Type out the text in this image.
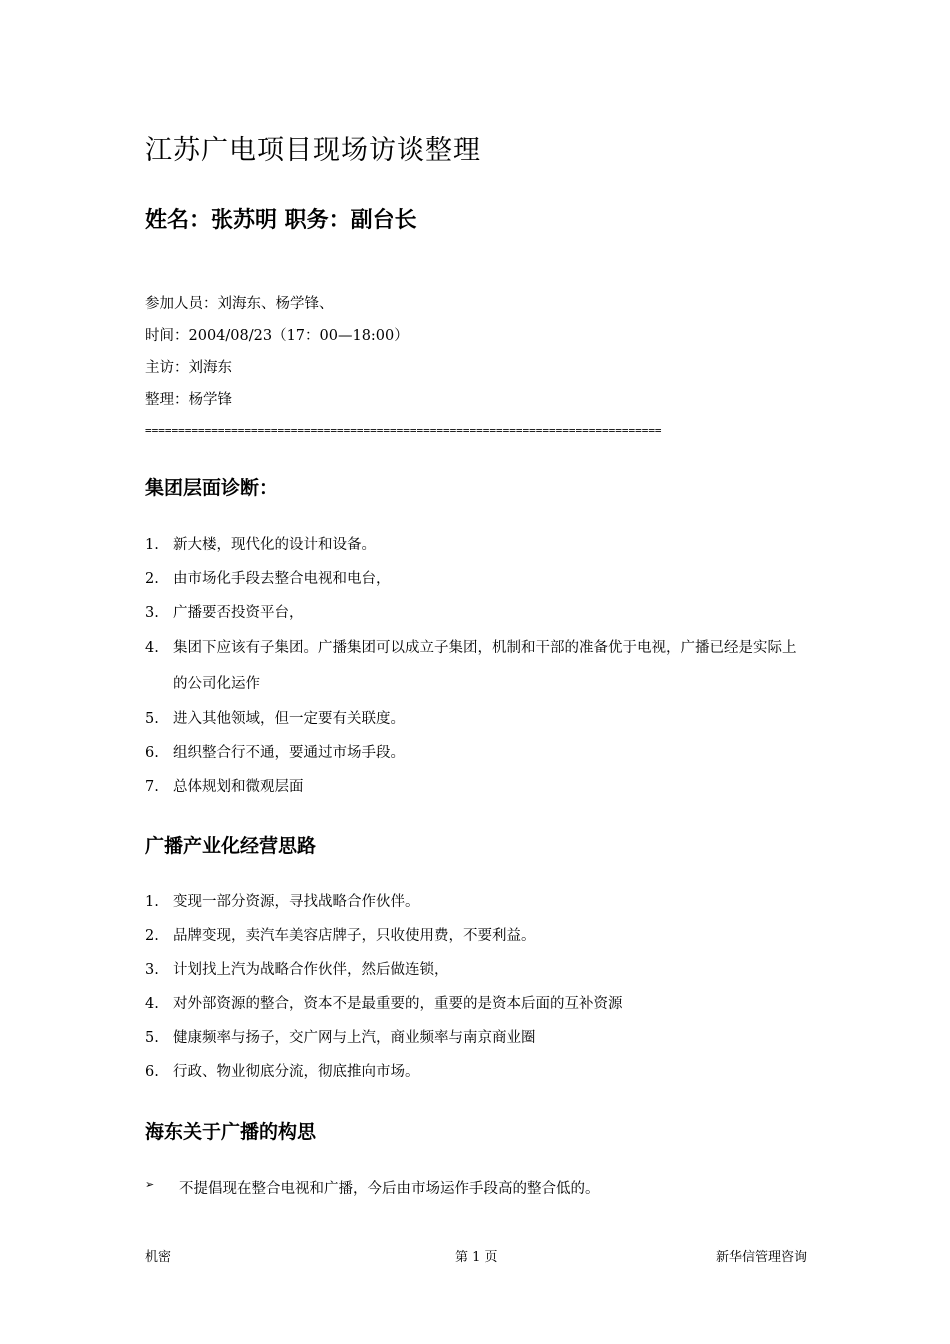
江苏广电项目现场访谈整理
姓名：张苏明 职务：副台长
参加人员：刘海东、杨学锋、
时间：2004/08/23（17：00—18:00）
主访：刘海东
整理：杨学锋
==============================================================================
集团层面诊断：
1. 新大楼，现代化的设计和设备。
2. 由市场化手段去整合电视和电台，
3. 广播要否投资平台，
4. 集团下应该有子集团。广播集团可以成立子集团，机制和干部的准备优于电视，广播已经是实际上的公司化运作
5. 进入其他领域，但一定要有关联度。
6. 组织整合行不通，要通过市场手段。
7. 总体规划和微观层面
广播产业化经营思路
1. 变现一部分资源，寻找战略合作伙伴。
2. 品牌变现，卖汽车美容店牌子，只收使用费，不要利益。
3. 计划找上汽为战略合作伙伴，然后做连锁，
4. 对外部资源的整合，资本不是最重要的，重要的是资本后面的互补资源
5. 健康频率与扬子，交广网与上汽，商业频率与南京商业圈
6. 行政、物业彻底分流，彻底推向市场。
海东关于广播的构思
➢	不提倡现在整合电视和广播，今后由市场运作手段高的整合低的。
机密	第 1 页	新华信管理咨询
